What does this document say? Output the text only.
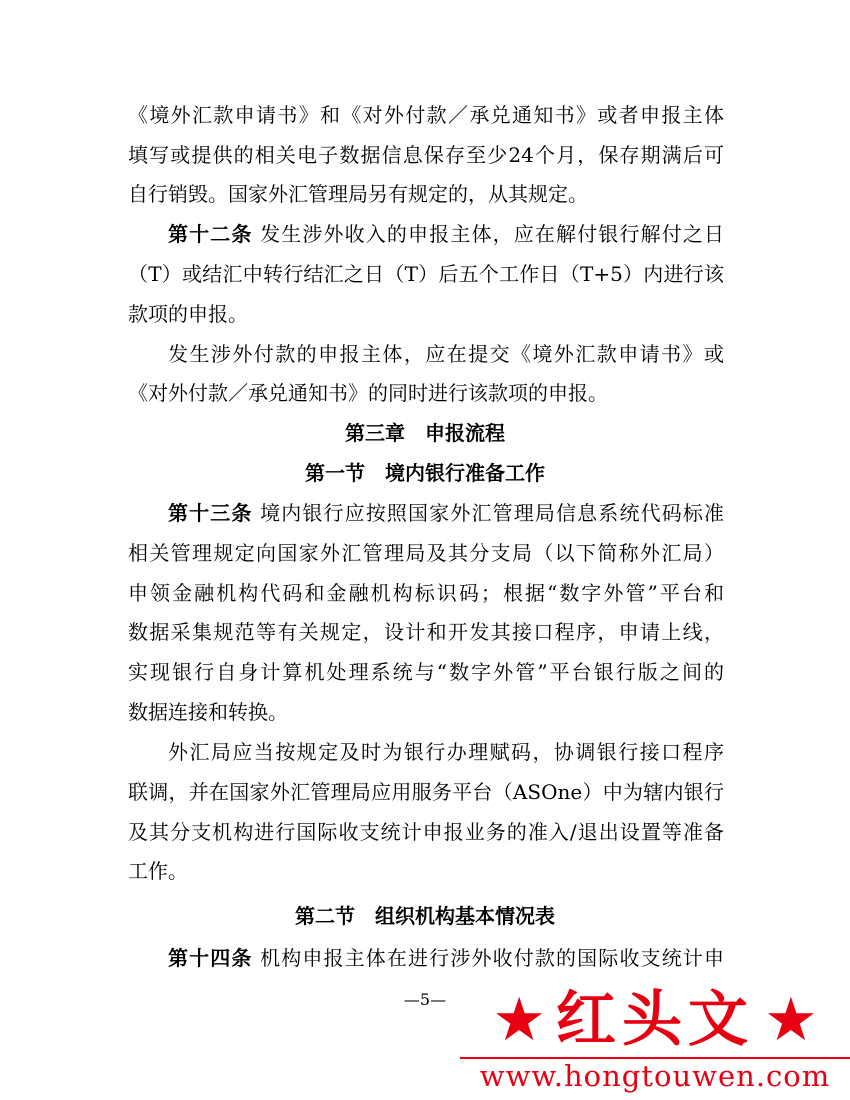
《境外汇款申请书》和《对外付款／承兑通知书》或者申报主体
填写或提供的相关电子数据信息保存至少24个月，保存期满后可
自行销毁。国家外汇管理局另有规定的，从其规定。
第十二条 发生涉外收入的申报主体，应在解付银行解付之日
（T）或结汇中转行结汇之日（T）后五个工作日（T+5）内进行该
款项的申报。
发生涉外付款的申报主体，应在提交《境外汇款申请书》或
《对外付款／承兑通知书》的同时进行该款项的申报。
第三章　申报流程
第一节　境内银行准备工作
第十三条 境内银行应按照国家外汇管理局信息系统代码标准
相关管理规定向国家外汇管理局及其分支局（以下简称外汇局）
申领金融机构代码和金融机构标识码；根据“数字外管”平台和
数据采集规范等有关规定，设计和开发其接口程序，申请上线，
实现银行自身计算机处理系统与“数字外管”平台银行版之间的
数据连接和转换。
外汇局应当按规定及时为银行办理赋码，协调银行接口程序
联调，并在国家外汇管理局应用服务平台（ASOne）中为辖内银行
及其分支机构进行国际收支统计申报业务的准入/退出设置等准备
工作。
第二节　组织机构基本情况表
第十四条 机构申报主体在进行涉外收付款的国际收支统计申
—5— ★ 红头文 ★
www.hongtouwen.com
